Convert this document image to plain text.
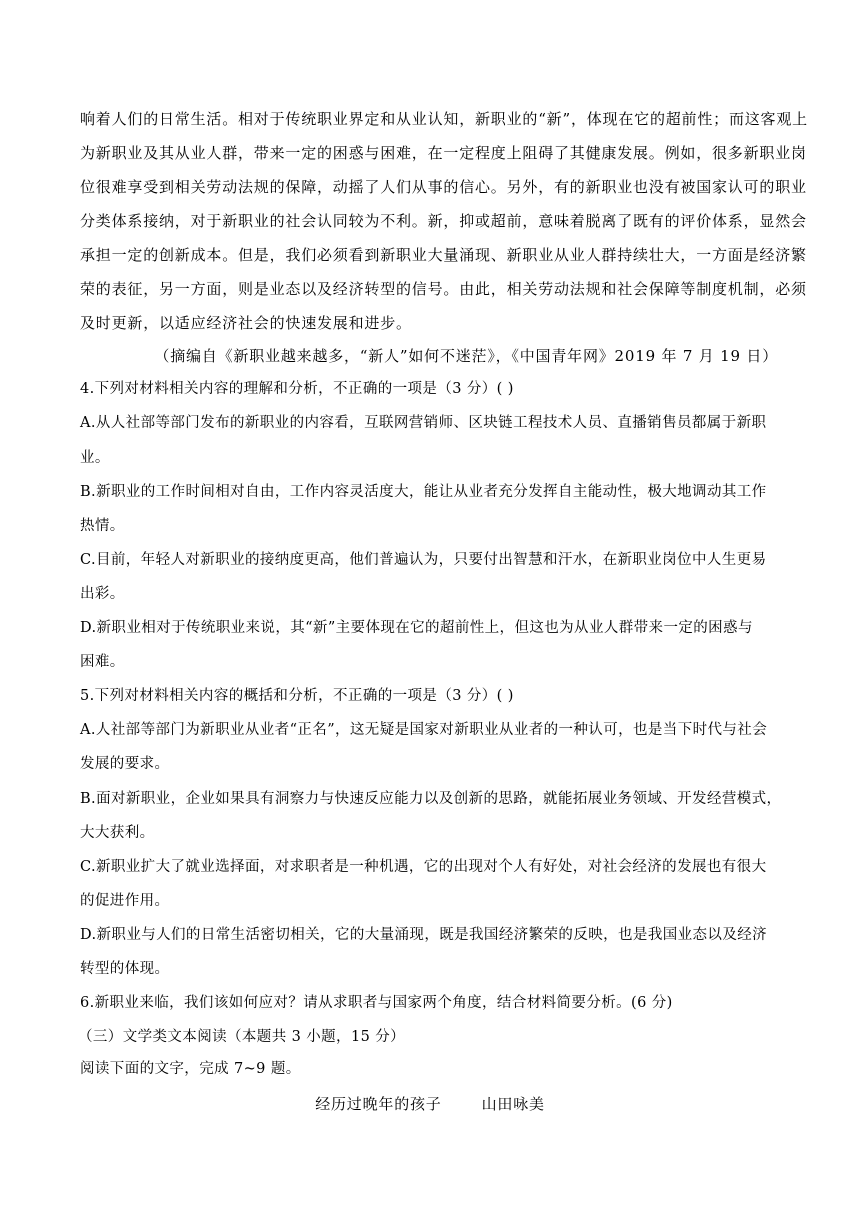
响着人们的日常生活。相对于传统职业界定和从业认知，新职业的“新”，体现在它的超前性；而这客观上
为新职业及其从业人群，带来一定的困惑与困难，在一定程度上阻碍了其健康发展。例如，很多新职业岗
位很难享受到相关劳动法规的保障，动摇了人们从事的信心。另外，有的新职业也没有被国家认可的职业
分类体系接纳，对于新职业的社会认同较为不利。新，抑或超前，意味着脱离了既有的评价体系，显然会
承担一定的创新成本。但是，我们必须看到新职业大量涌现、新职业从业人群持续壮大，一方面是经济繁
荣的表征，另一方面，则是业态以及经济转型的信号。由此，相关劳动法规和社会保障等制度机制，必须
及时更新，以适应经济社会的快速发展和进步。
（摘编自《新职业越来越多，“新人”如何不迷茫》，《中国青年网》2019 年 7 月 19 日）
4.下列对材料相关内容的理解和分析，不正确的一项是（3 分）( )
A.从人社部等部门发布的新职业的内容看，互联网营销师、区块链工程技术人员、直播销售员都属于新职
业。
B.新职业的工作时间相对自由，工作内容灵活度大，能让从业者充分发挥自主能动性，极大地调动其工作
热情。
C.目前，年轻人对新职业的接纳度更高，他们普遍认为，只要付出智慧和汗水，在新职业岗位中人生更易
出彩。
D.新职业相对于传统职业来说，其“新”主要体现在它的超前性上，但这也为从业人群带来一定的困惑与
困难。
5.下列对材料相关内容的概括和分析，不正确的一项是（3 分）( )
A.人社部等部门为新职业从业者“正名”，这无疑是国家对新职业从业者的一种认可，也是当下时代与社会
发展的要求。
B.面对新职业，企业如果具有洞察力与快速反应能力以及创新的思路，就能拓展业务领域、开发经营模式，
大大获利。
C.新职业扩大了就业选择面，对求职者是一种机遇，它的出现对个人有好处，对社会经济的发展也有很大
的促进作用。
D.新职业与人们的日常生活密切相关，它的大量涌现，既是我国经济繁荣的反映，也是我国业态以及经济
转型的体现。
6.新职业来临，我们该如何应对？请从求职者与国家两个角度，结合材料简要分析。(6 分)
（三）文学类文本阅读（本题共 3 小题，15 分）
阅读下面的文字，完成 7~9 题。
经历过晚年的孩子	山田咏美
